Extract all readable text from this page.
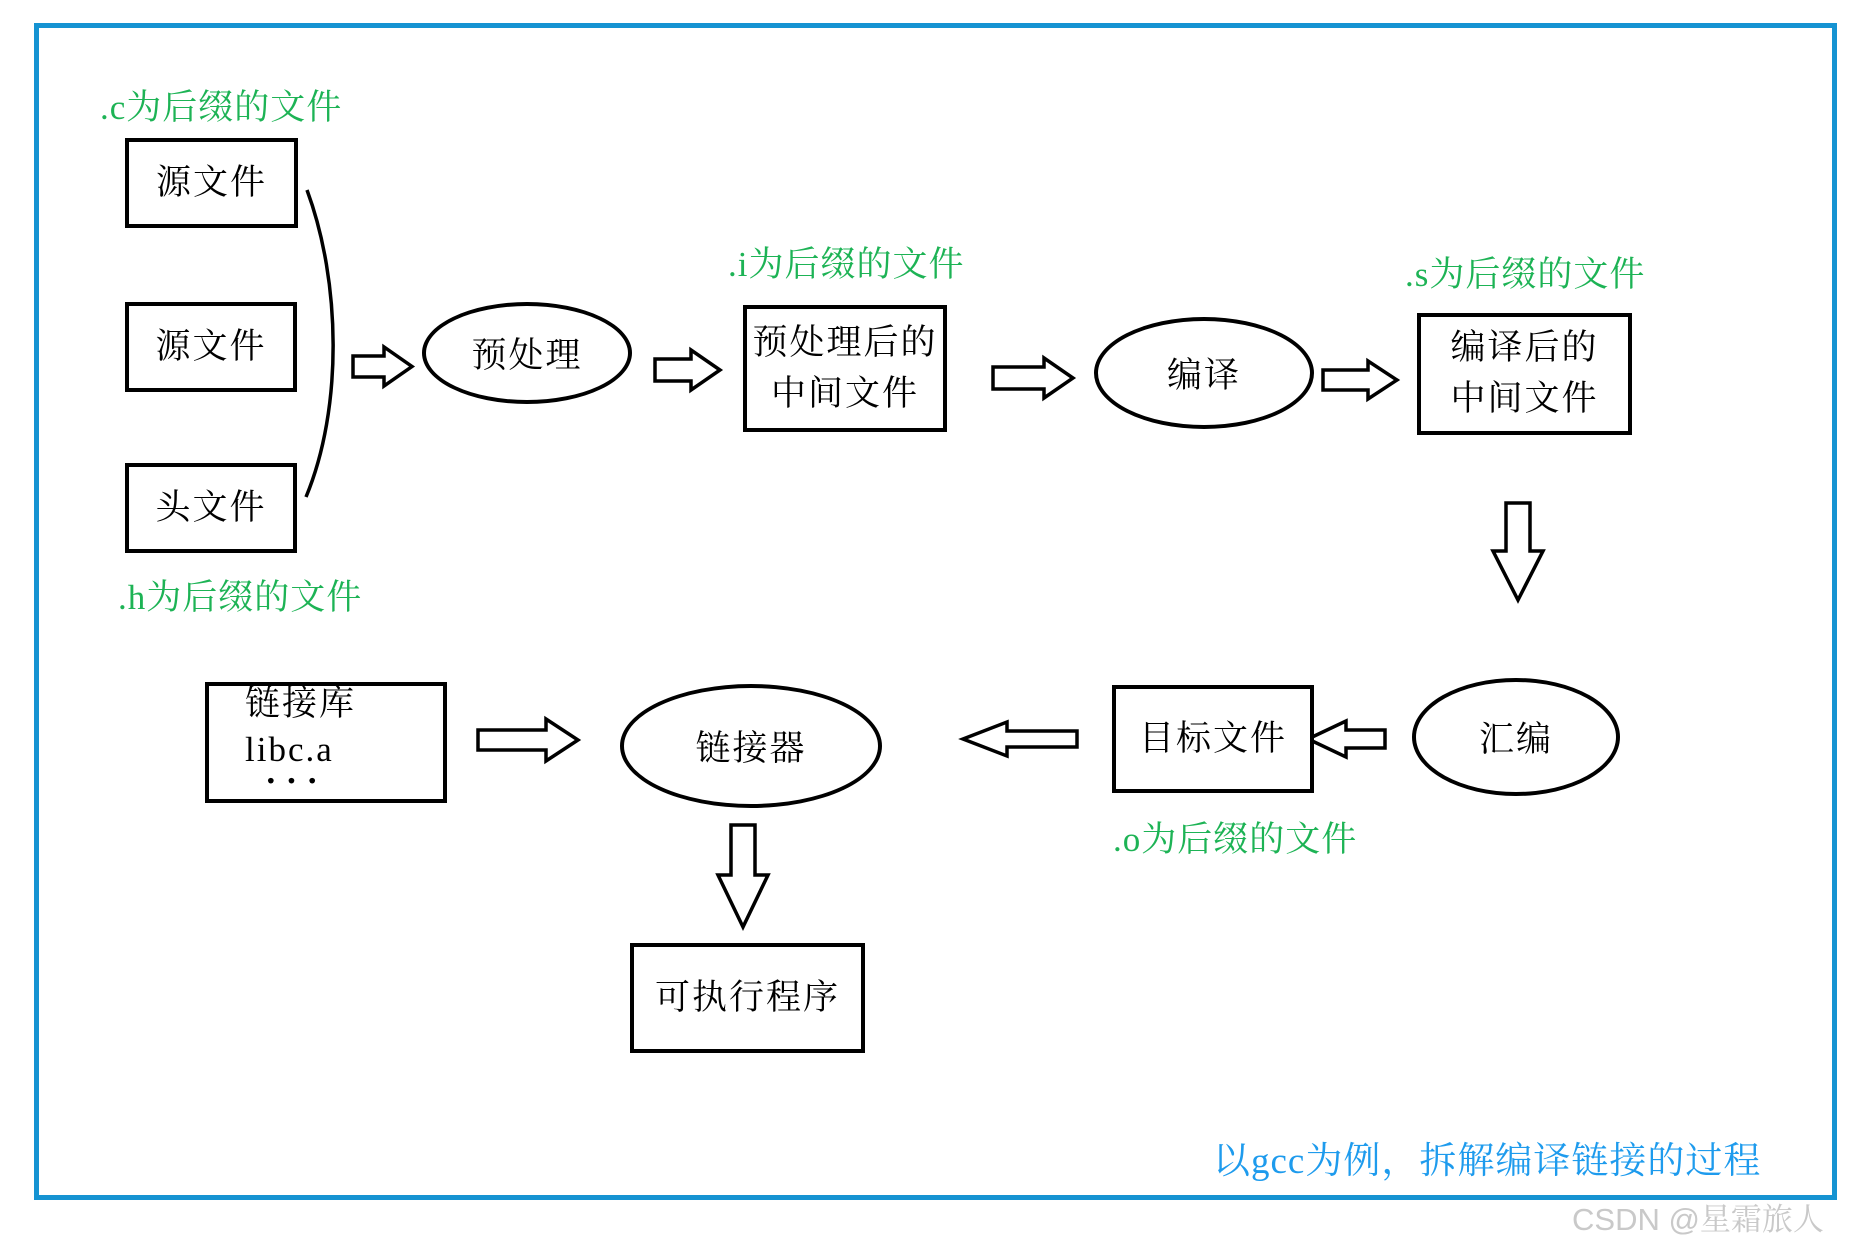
.c为后缀的文件
.i为后缀的文件	.s为后缀的文件
.h为后缀的文件
.o为后缀的文件
源文件
源文件
头文件
预处理后的
中间文件
编译后的
中间文件
目标文件
链接库
libc.a
···
可执行程序
预处理
编译
汇编
链接器
以gcc为例，拆解编译链接的过程
CSDN @星霜旅人
